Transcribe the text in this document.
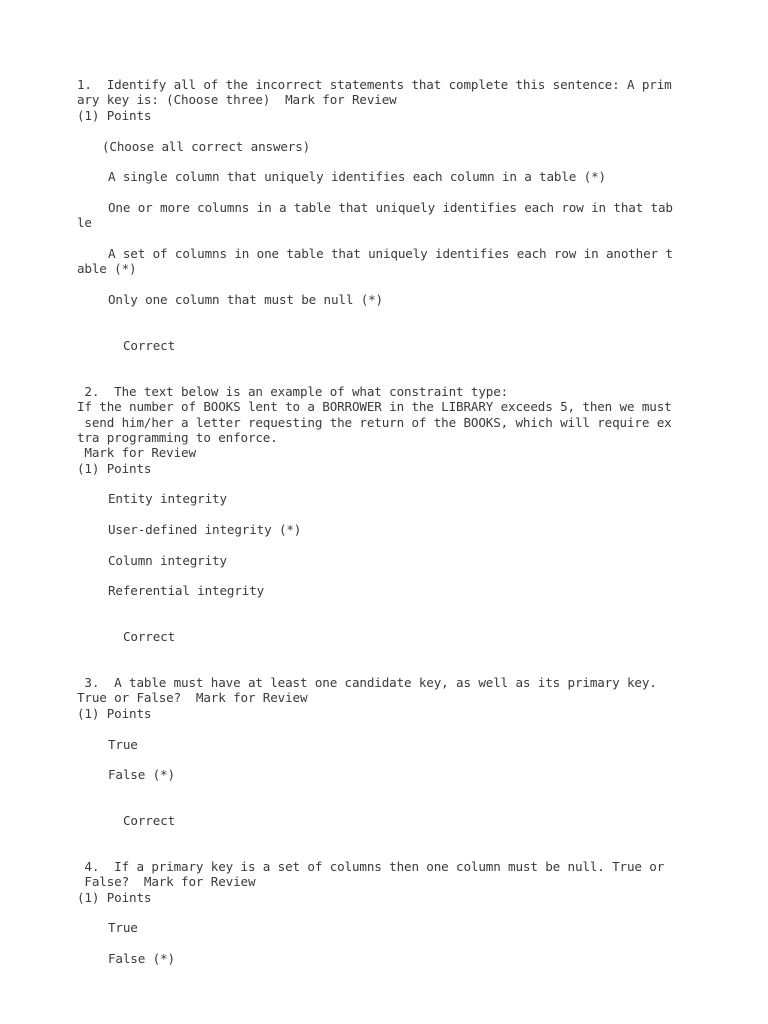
1.  Identify all of the incorrect statements that complete this sentence: A prim

ary key is: (Choose three)  Mark for Review

(1) Points

(Choose all correct answers)

A single column that uniquely identifies each column in a table (*)

One or more columns in a table that uniquely identifies each row in that tab

le

A set of columns in one table that uniquely identifies each row in another t

able (*)

Only one column that must be null (*)

Correct

2.  The text below is an example of what constraint type:

If the number of BOOKS lent to a BORROWER in the LIBRARY exceeds 5, then we must

send him/her a letter requesting the return of the BOOKS, which will require ex

tra programming to enforce.

Mark for Review

(1) Points

Entity integrity

User-defined integrity (*)

Column integrity

Referential integrity

Correct

3.  A table must have at least one candidate key, as well as its primary key.

True or False?  Mark for Review

(1) Points

True

False (*)

Correct

4.  If a primary key is a set of columns then one column must be null. True or

False?  Mark for Review

(1) Points

True

False (*)
